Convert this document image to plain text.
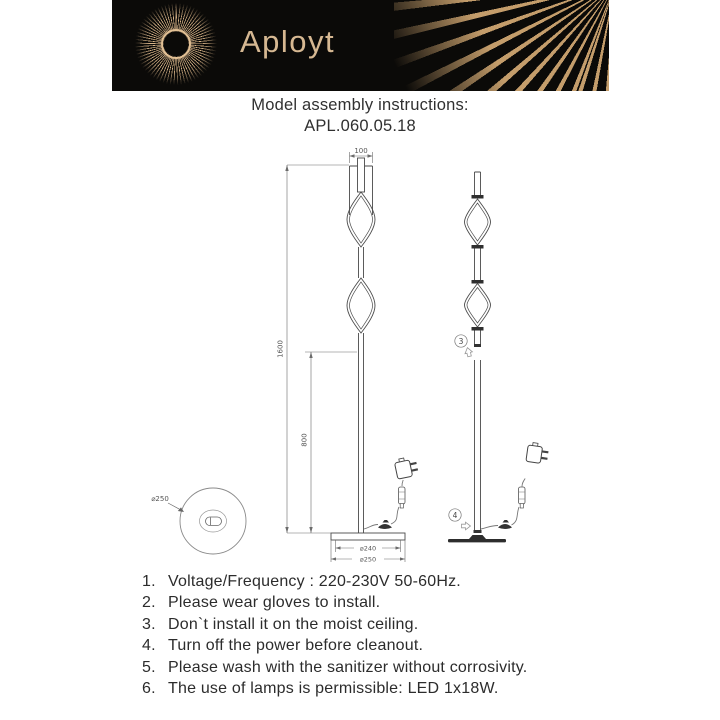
Aployt
Model assembly instructions:
APL.060.05.18
100
1600
800
⌀240
⌀250
⌀250
3
4
1. Voltage/Frequency : 220-230V 50-60Hz.
2. Please wear gloves to install.
3. Don`t install it on the moist ceiling.
4. Turn off the power before cleanout.
5. Please wash with the sanitizer without corrosivity.
6. The use of lamps is permissible: LED 1x18W.
